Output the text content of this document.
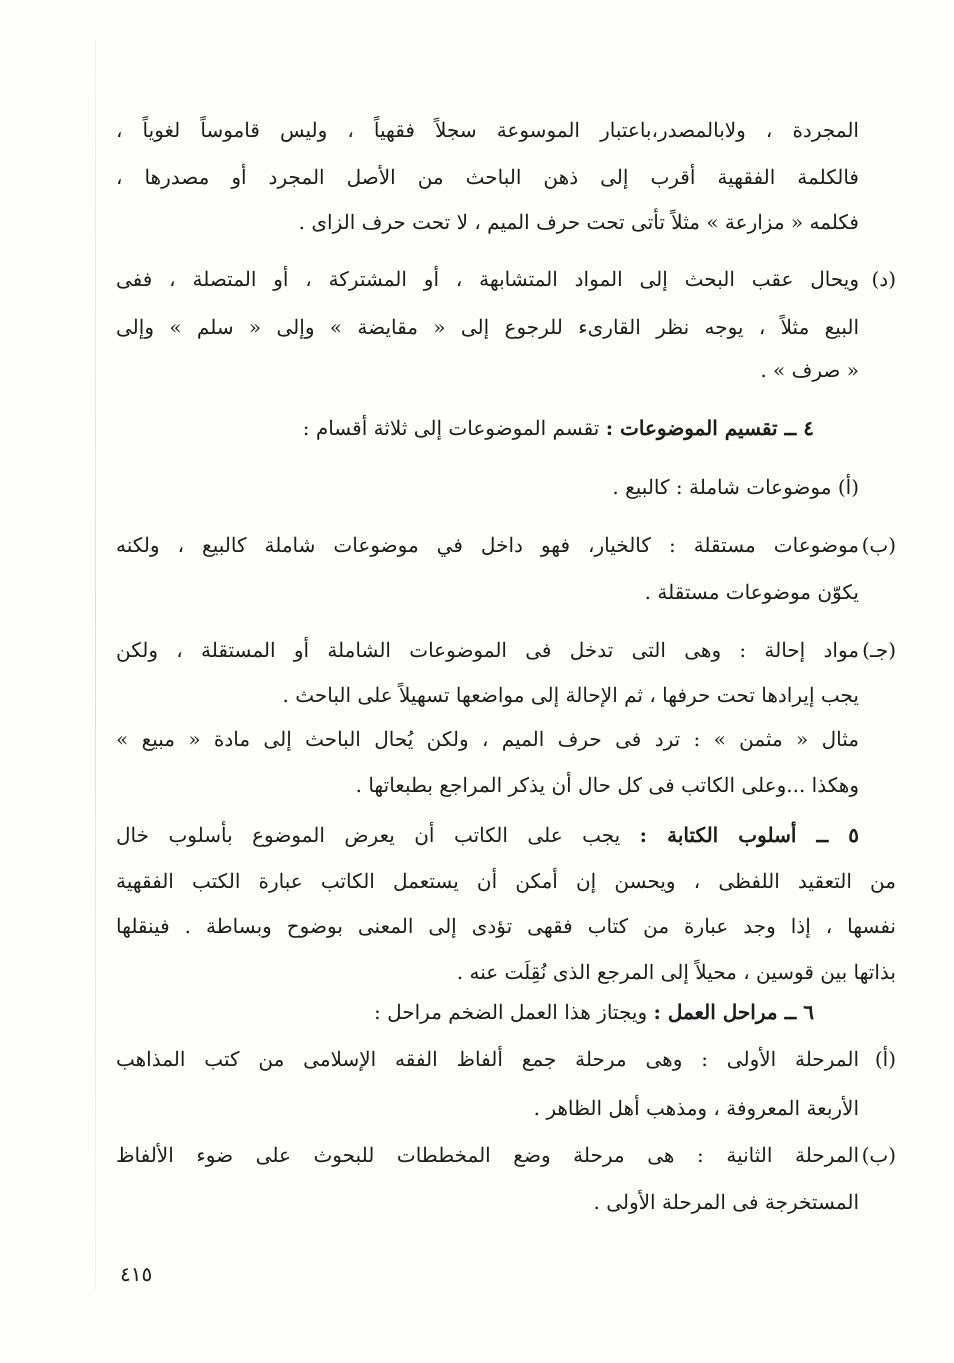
المجردة ، ولابالمصدر،باعتبار الموسوعة سجلاً فقهياً ، وليس قاموساً لغوياً ،
فالكلمة الفقهية أقرب إلى ذهن الباحث من الأصل المجرد أو مصدرها ،
فكلمه « مزارعة » مثلاً تأتى تحت حرف الميم ، لا تحت حرف الزاى .
(د)
ويحال عقب البحث إلى المواد المتشابهة ، أو المشتركة ، أو المتصلة ، ففى
البيع مثلاً ، يوجه نظر القارىء للرجوع إلى « مقايضة » وإلى « سلم » وإلى
« صرف » .
٤ ــ تقسيم الموضوعات : تقسم الموضوعات إلى ثلاثة أقسام :
(أ) موضوعات شاملة : كالبيع .
(ب)
موضوعات مستقلة : كالخيار، فهو داخل في موضوعات شاملة كالبيع ، ولكنه
يكوّن موضوعات مستقلة .
(جـ)
مواد إحالة : وهى التى تدخل فى الموضوعات الشاملة أو المستقلة ، ولكن
يجب إيرادها تحت حرفها ، ثم الإحالة إلى مواضعها تسهيلاً على الباحث .
مثال « مثمن » : ترد فى حرف الميم ، ولكن يُحال الباحث إلى مادة « مبيع »
وهكذا ...وعلى الكاتب فى كل حال أن يذكر المراجع بطبعاتها .
٥ ــ أسلوب الكتابة : يجب على الكاتب أن يعرض الموضوع بأسلوب خال
من التعقيد اللفظى ، ويحسن إن أمكن أن يستعمل الكاتب عبارة الكتب الفقهية
نفسها ، إذا وجد عبارة من كتاب فقهى تؤدى إلى المعنى بوضوح وبساطة . فينقلها
بذاتها بين قوسين ، محيلاً إلى المرجع الذى نُقِلَت عنه .
٦ ــ مراحل العمل : ويجتاز هذا العمل الضخم مراحل :
(أ)
المرحلة الأولى : وهى مرحلة جمع ألفاظ الفقه الإسلامى من كتب المذاهب
الأربعة المعروفة ، ومذهب أهل الظاهر .
(ب)
المرحلة الثانية : هى مرحلة وضع المخططات للبحوث على ضوء الألفاظ
المستخرجة فى المرحلة الأولى .
٤١٥
